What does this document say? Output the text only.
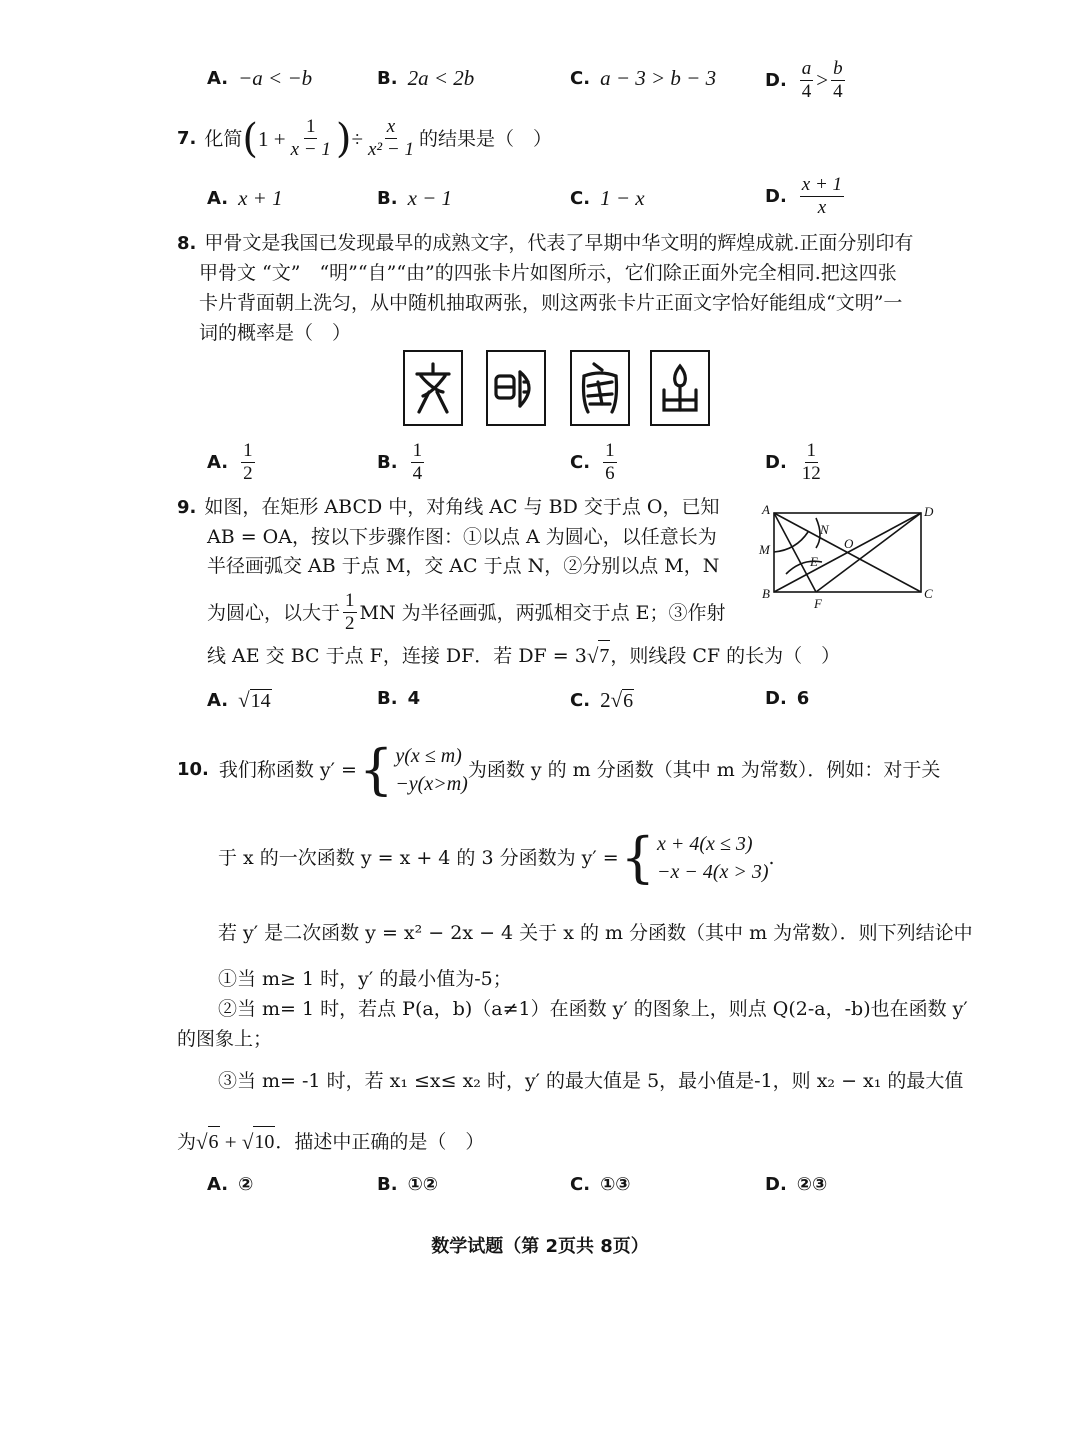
A. −a < −b	B. 2a < 2b	C. a − 3 > b − 3	D. $\frac{a}{4} > \frac{b}{4}$
7. 化简 ( $1 + \frac{1}{x - 1}$ ) ÷ $\frac{x}{\text{x² − 1}}$ 的结果是（　）
A. x + 1	B. x − 1	C. 1 − x	D. $\frac{x + 1}{x}$
8. 甲骨文是我国已发现最早的成熟文字，代表了早期中华文明的辉煌成就.正面分别印有
甲骨文 “文”　“明”“自”“由”的四张卡片如图所示，它们除正面外完全相同.把这四张
卡片背面朝上洗匀，从中随机抽取两张，则这两张卡片正面文字恰好能组成“文明”一
词的概率是（　）
A. $\frac{1}{2}$	B. $\frac{1}{4}$	C. $\frac{1}{6}$	D. $\frac{1}{12}$
9. 如图，在矩形 ABCD 中，对角线 AC 与 BD 交于点 O，已知
AB = OA，按以下步骤作图：①以点 A 为圆心，以任意长为
半径画弧交 AB 于点 M，交 AC 于点 N，②分别以点 M，N
为圆心，以大于 $\frac{1}{2}$ MN 为半径画弧，两弧相交于点 E；③作射
线 AE 交 BC 于点 F，连接 DF．若 DF = 3 √ 7 ，则线段 CF 的长为（　）
A
B	C
D
M
N
O
E
F
A. √ 14	B. 4	C. 2 √ 6	D. 6
10. 我们称函数 y′ = { y(x ≤ m)
−y(x>m)
为函数 y 的 m 分函数（其中 m 为常数）．例如：对于关
于 x 的一次函数 y = x + 4 的 3 分函数为 y′ = { x + 4(x ≤ 3)
−x − 4(x > 3)
.
若 y′ 是二次函数 y = x² − 2x − 4 关于 x 的 m 分函数（其中 m 为常数）．则下列结论中
①当 m≥ 1 时，y′ 的最小值为-5；
②当 m= 1 时，若点 P(a，b)（a≠1）在函数 y′ 的图象上，则点 Q(2-a，-b)也在函数 y′
的图象上；
③当 m= -1 时，若 x₁ ≤x≤ x₂ 时，y′ 的最大值是 5，最小值是-1，则 x₂ − x₁ 的最大值
为 √ 6 + √ 10 ．描述中正确的是（　）
A. ②	B. ①②	C. ①③	D. ②③
数学试题（第 2页共 8页）
